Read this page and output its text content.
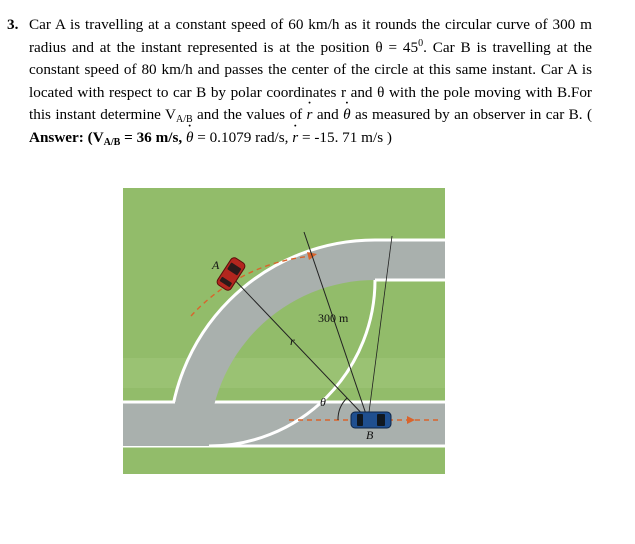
3. Car A is travelling at a constant speed of 60 km/h as it rounds the circular curve of 300 m radius and at the instant represented is at the position $\theta = 45^0$. Car B is travelling at the constant speed of 80 km/h and passes the center of the circle at this same instant. Car A is located with respect to car B by polar coordinates r and θ with the pole moving with B.For this instant determine $V_{A/B}$ and the values of · r and · θ as measured by an observer in car B. ( Answer: ($V_{A/B} = 36$ m/s, · θ = 0.1079 rad/s, · r = -15. 71 m/s )
A
B
300 m
r
θ
